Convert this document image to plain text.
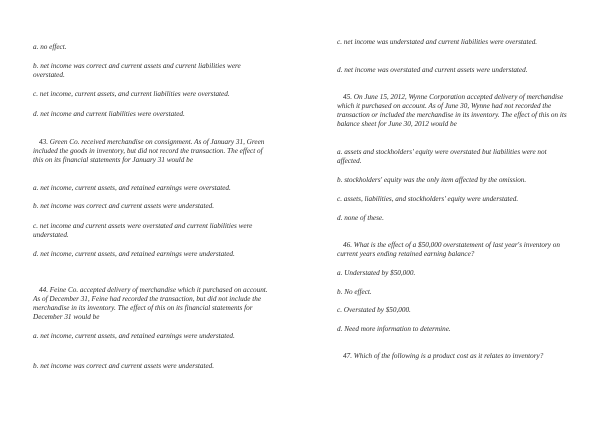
a. no effect.

b. net income was correct and current assets and current liabilities were overstated.

c. net income, current assets, and current liabilities were overstated.

d. net income and current liabilities were overstated.

43. Green Co. received merchandise on consignment. As of January 31, Green included the goods in inventory, but did not record the transaction. The effect of this on its financial statements for January 31 would be

a. net income, current assets, and retained earnings were overstated.

b. net income was correct and current assets were understated.

c. net income and current assets were overstated and current liabilities were understated.

d. net income, current assets, and retained earnings were understated.

44. Feine Co. accepted delivery of merchandise which it purchased on account. As of December 31, Feine had recorded the transaction, but did not include the merchandise in its inventory. The effect of this on its financial statements for December 31 would be

a. net income, current assets, and retained earnings were understated.

b. net income was correct and current assets were understated.

c. net income was understated and current liabilities were overstated.

d. net income was overstated and current assets were understated.

45. On June 15, 2012, Wynne Corporation accepted delivery of merchandise which it purchased on account. As of June 30, Wynne had not recorded the transaction or included the merchandise in its inventory. The effect of this on its balance sheet for June 30, 2012 would be

a. assets and stockholders' equity were overstated but liabilities were not affected.

b. stockholders' equity was the only item affected by the omission.

c. assets, liabilities, and stockholders' equity were understated.

d. none of these.

46. What is the effect of a $50,000 overstatement of last year's inventory on current years ending retained earning balance?

a. Understated by $50,000.

b. No effect.

c. Overstated by $50,000.

d. Need more information to determine.

47. Which of the following is a product cost as it relates to inventory?
